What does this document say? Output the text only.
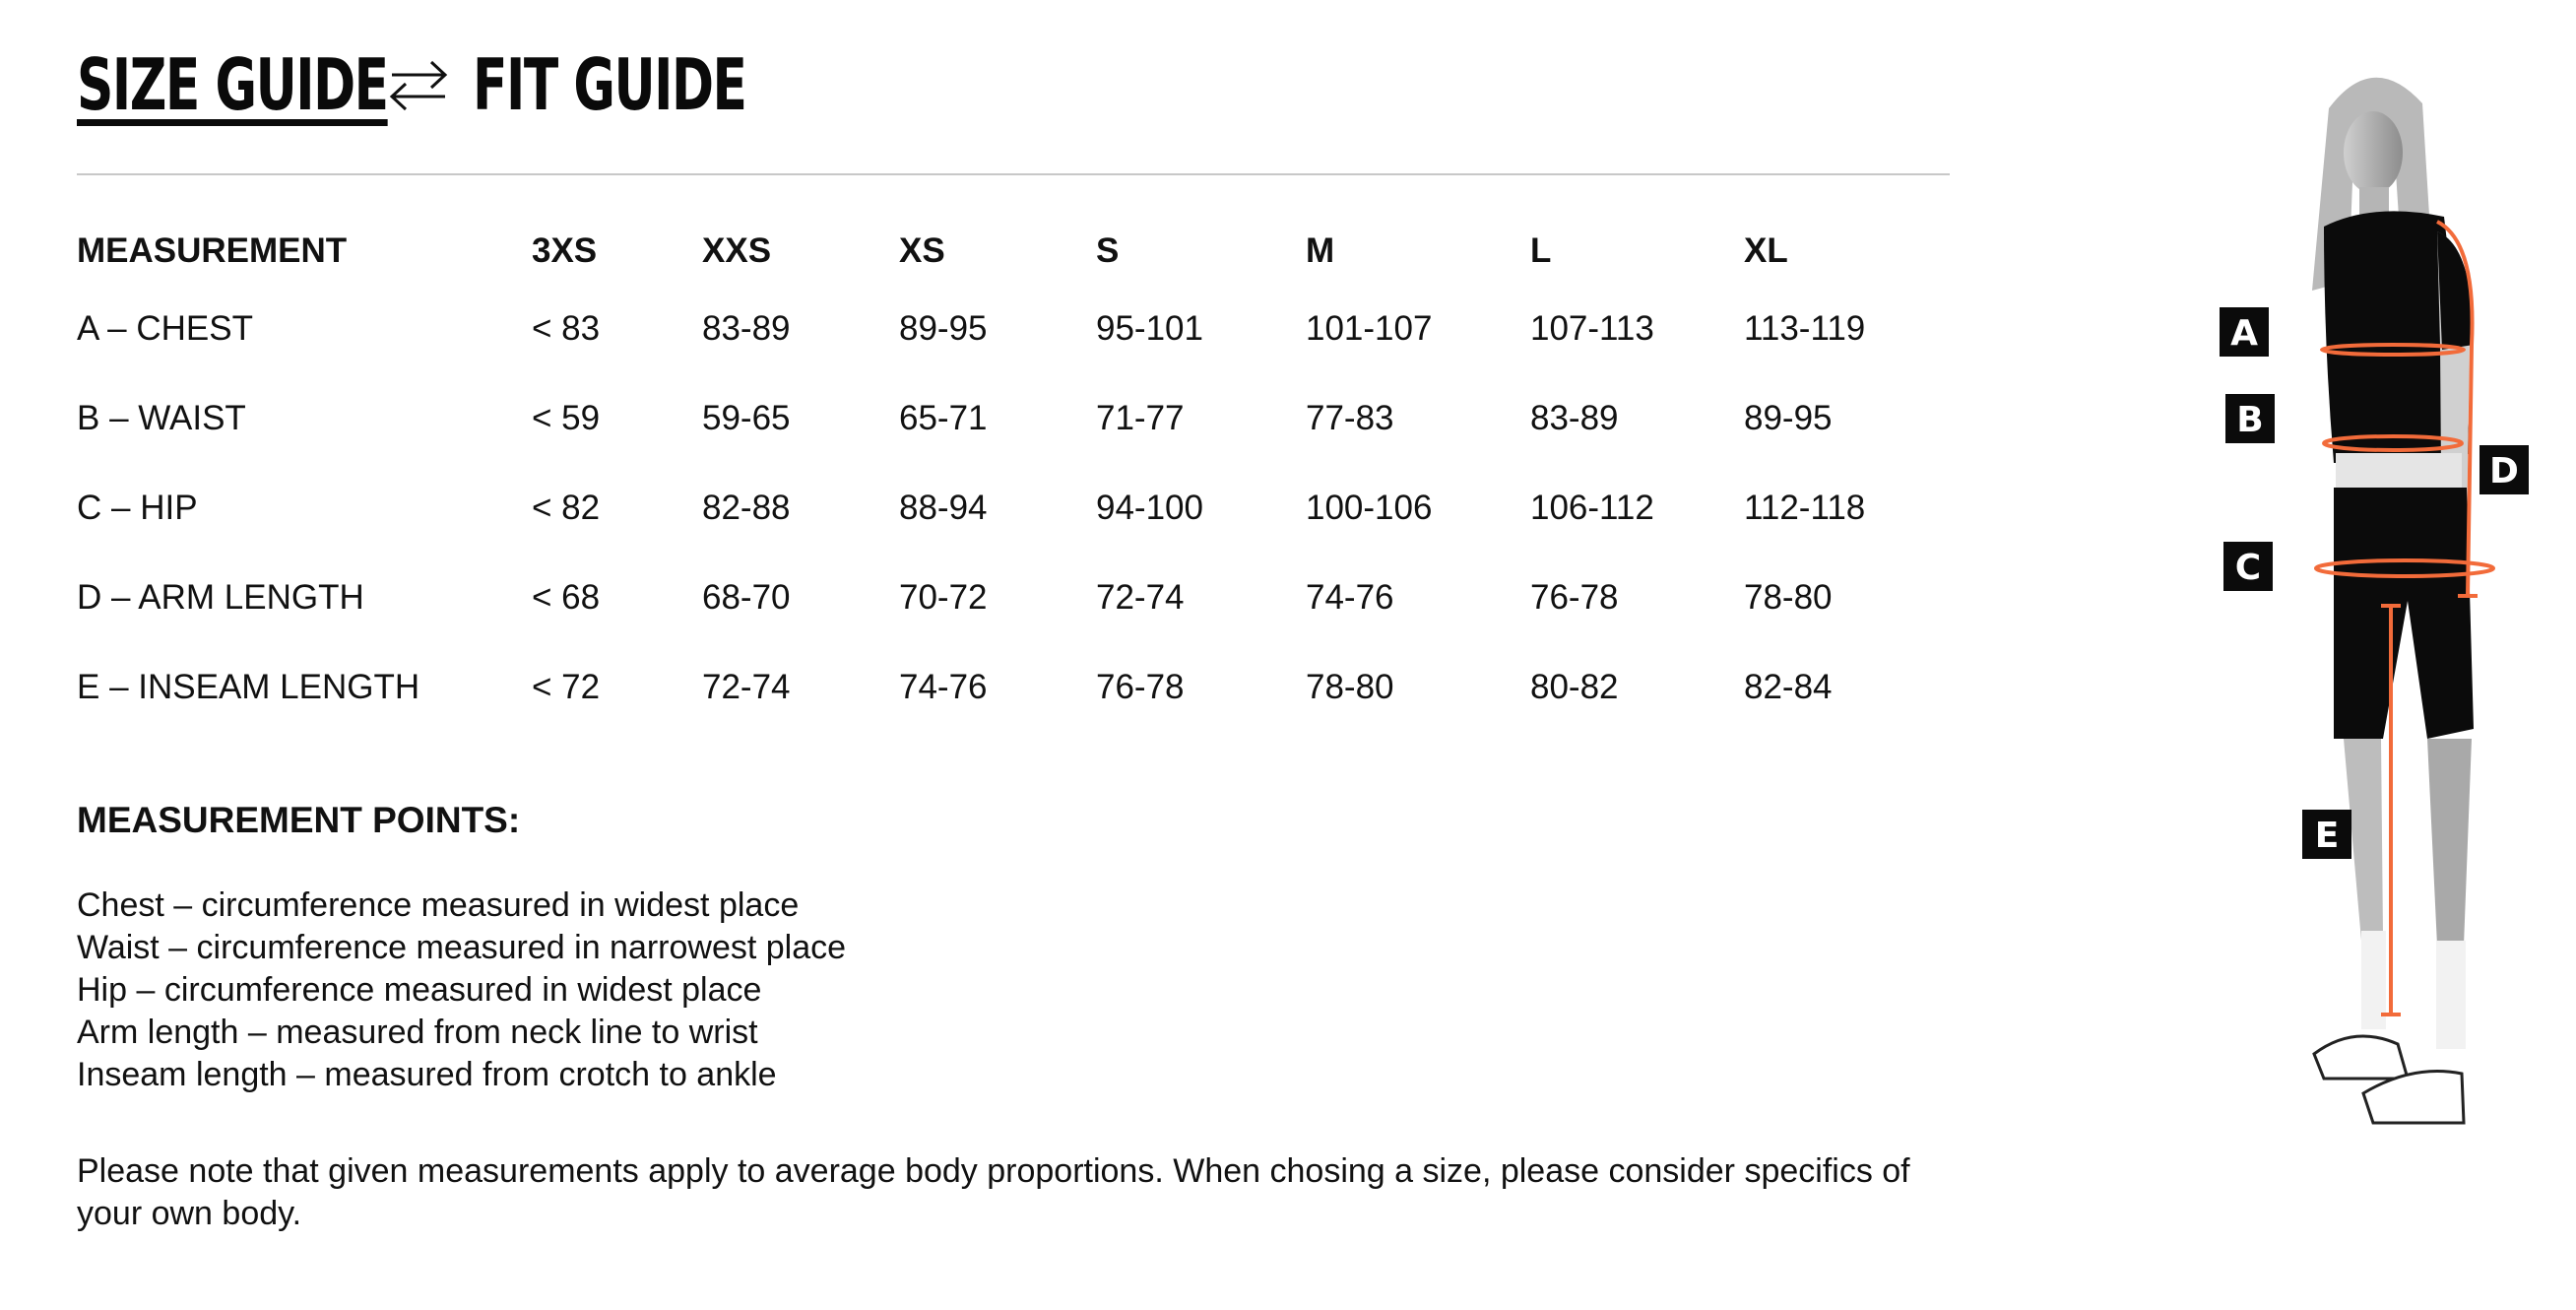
SIZE GUIDE FIT GUIDE
MEASUREMENT	3XS	XXS	XS	S	M	L	XL
A – CHEST	< 83	83-89	89-95	95-101	101-107	107-113	113-119
B – WAIST	< 59	59-65	65-71	71-77	77-83	83-89	89-95
C – HIP	< 82	82-88	88-94	94-100	100-106	106-112	112-118
D – ARM LENGTH	< 68	68-70	70-72	72-74	74-76	76-78	78-80
E – INSEAM LENGTH	< 72	72-74	74-76	76-78	78-80	80-82	82-84
MEASUREMENT POINTS:
Chest – circumference measured in widest place
Waist – circumference measured in narrowest place
Hip – circumference measured in widest place
Arm length – measured from neck line to wrist
Inseam length – measured from crotch to ankle

Please note that given measurements apply to average body proportions. When chosing a size, please consider specifics of your own body.

A
B
C
D
E
